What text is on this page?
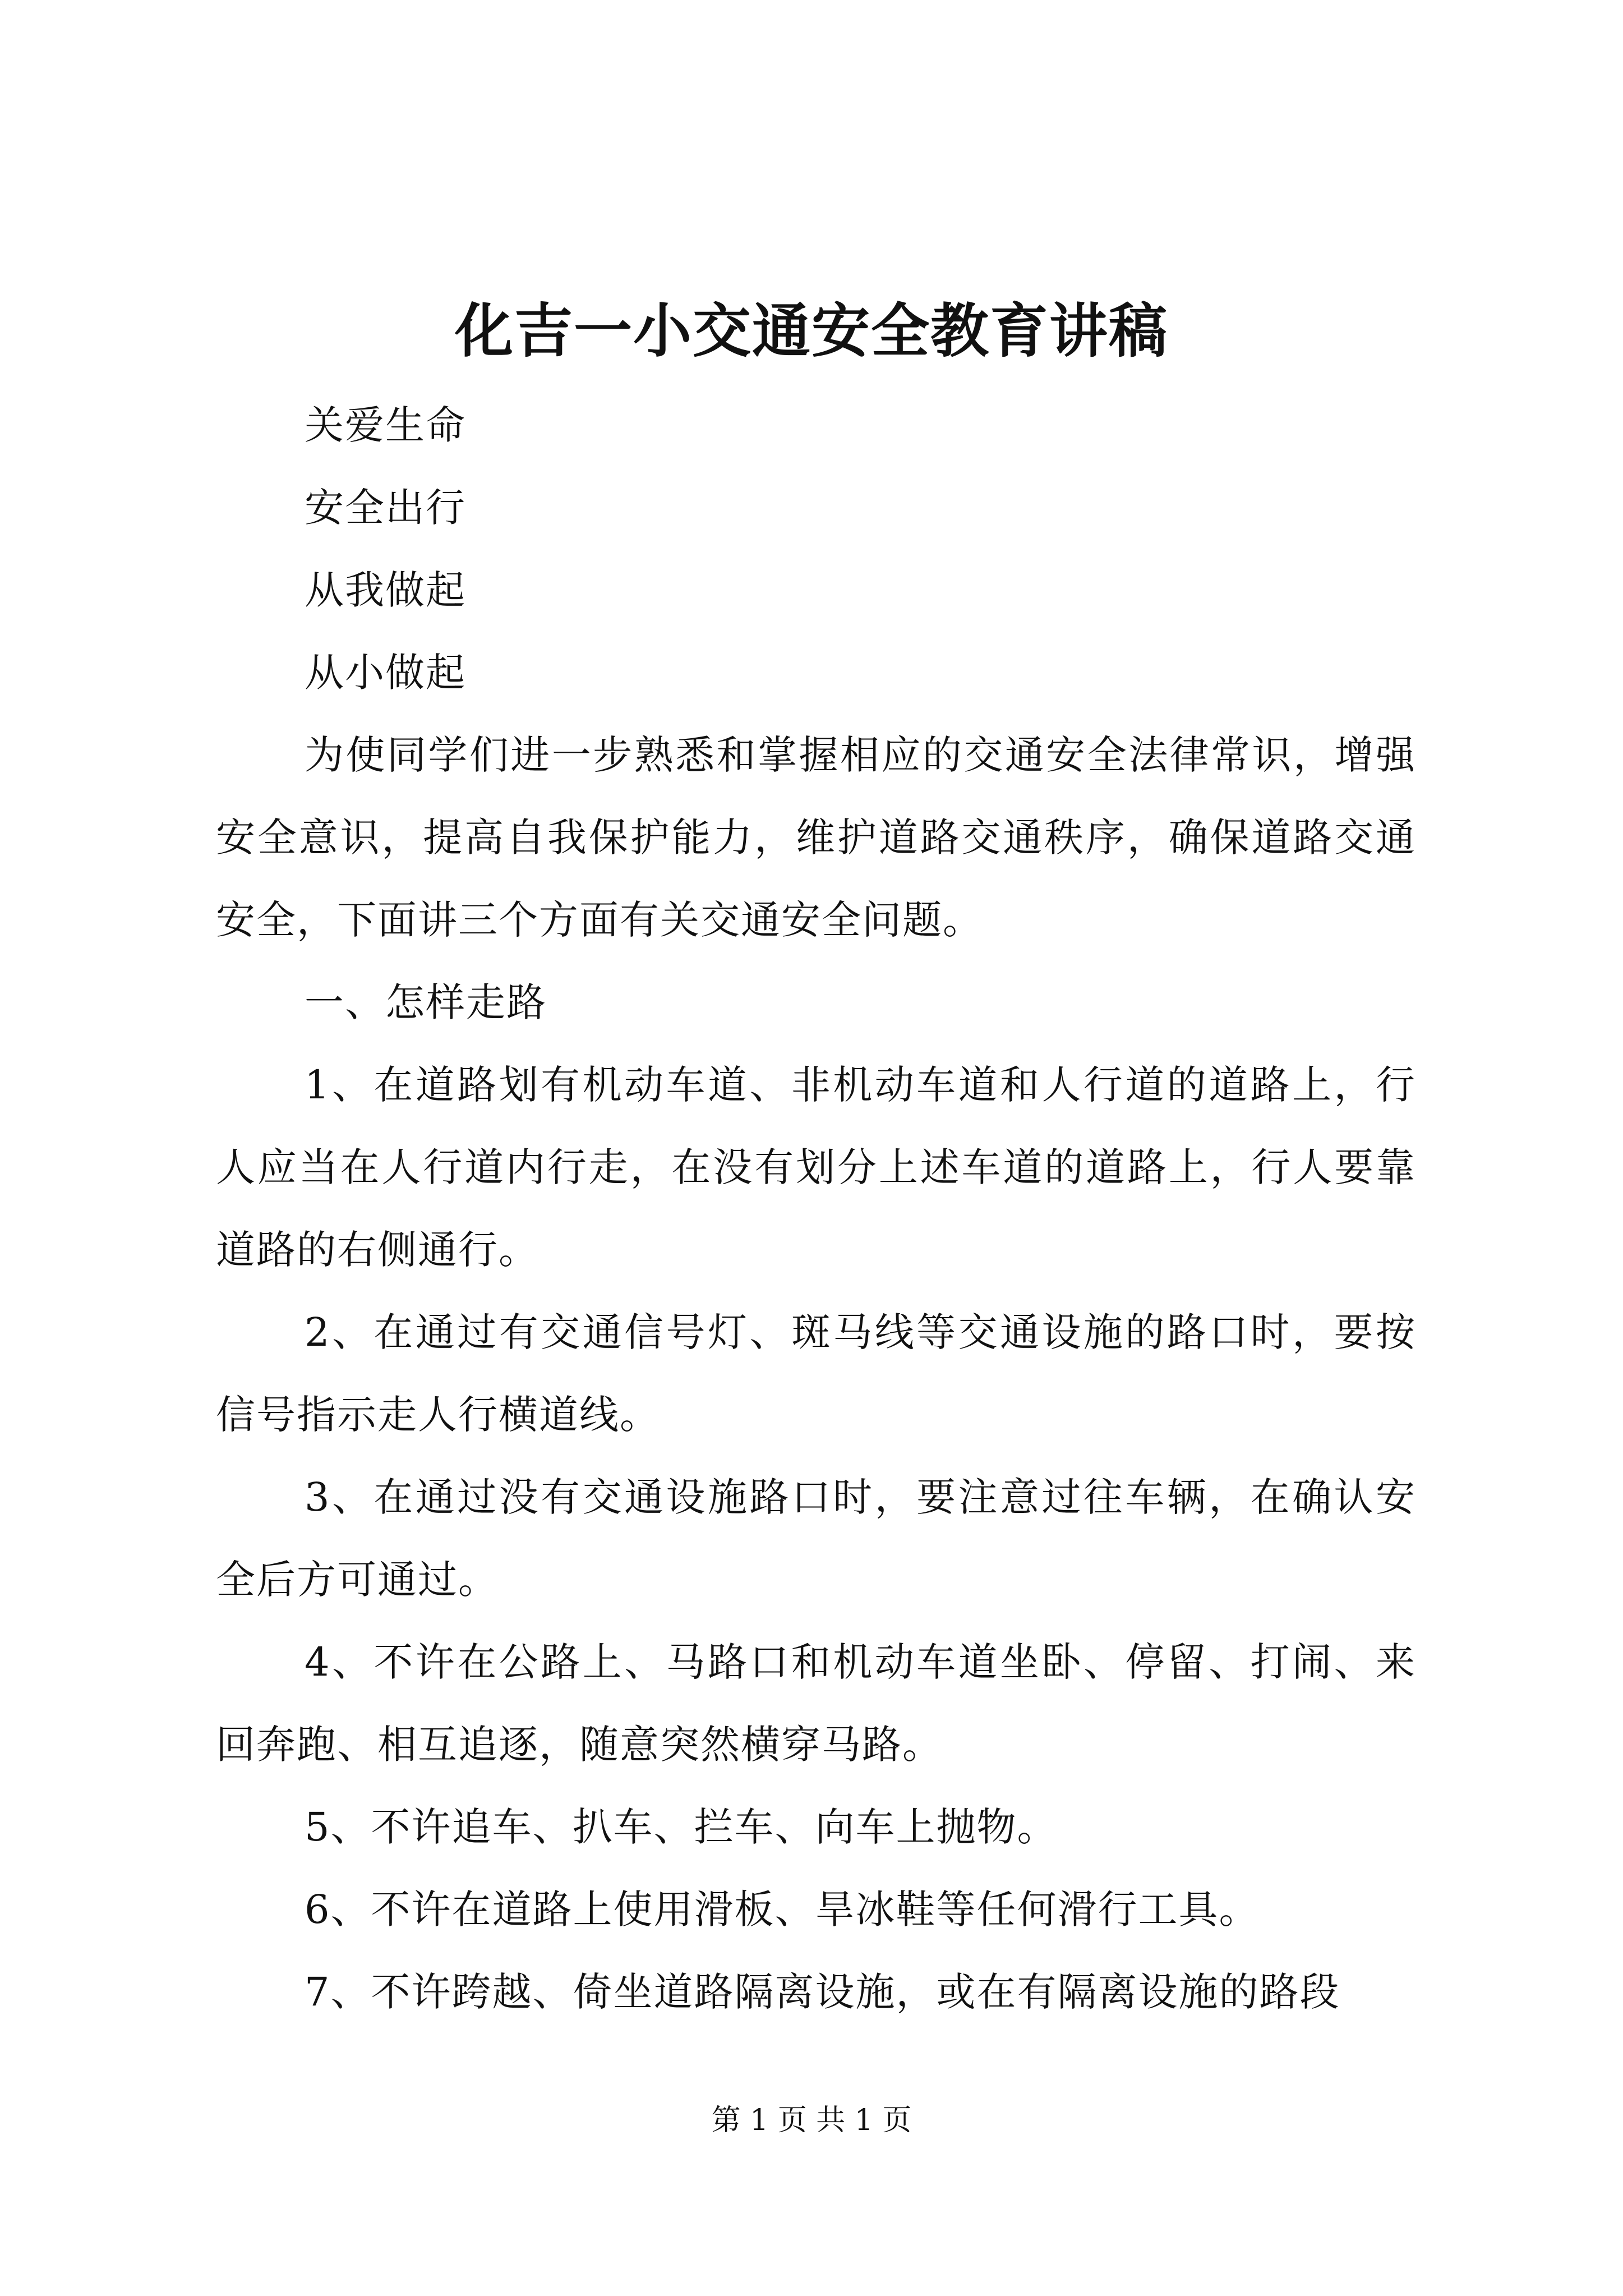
化吉一小交通安全教育讲稿

关爱生命

安全出行

从我做起

从小做起

为使同学们进一步熟悉和掌握相应的交通安全法律常识，增强安全意识，提高自我保护能力，维护道路交通秩序，确保道路交通安全，下面讲三个方面有关交通安全问题。

一、怎样走路

1、在道路划有机动车道、非机动车道和人行道的道路上，行人应当在人行道内行走，在没有划分上述车道的道路上，行人要靠道路的右侧通行。

2、在通过有交通信号灯、斑马线等交通设施的路口时，要按信号指示走人行横道线。

3、在通过没有交通设施路口时，要注意过往车辆，在确认安全后方可通过。

4、不许在公路上、马路口和机动车道坐卧、停留、打闹、来回奔跑、相互追逐，随意突然横穿马路。

5、不许追车、扒车、拦车、向车上抛物。

6、不许在道路上使用滑板、旱冰鞋等任何滑行工具。

7、不许跨越、倚坐道路隔离设施，或在有隔离设施的路段

第 1 页 共 1 页
